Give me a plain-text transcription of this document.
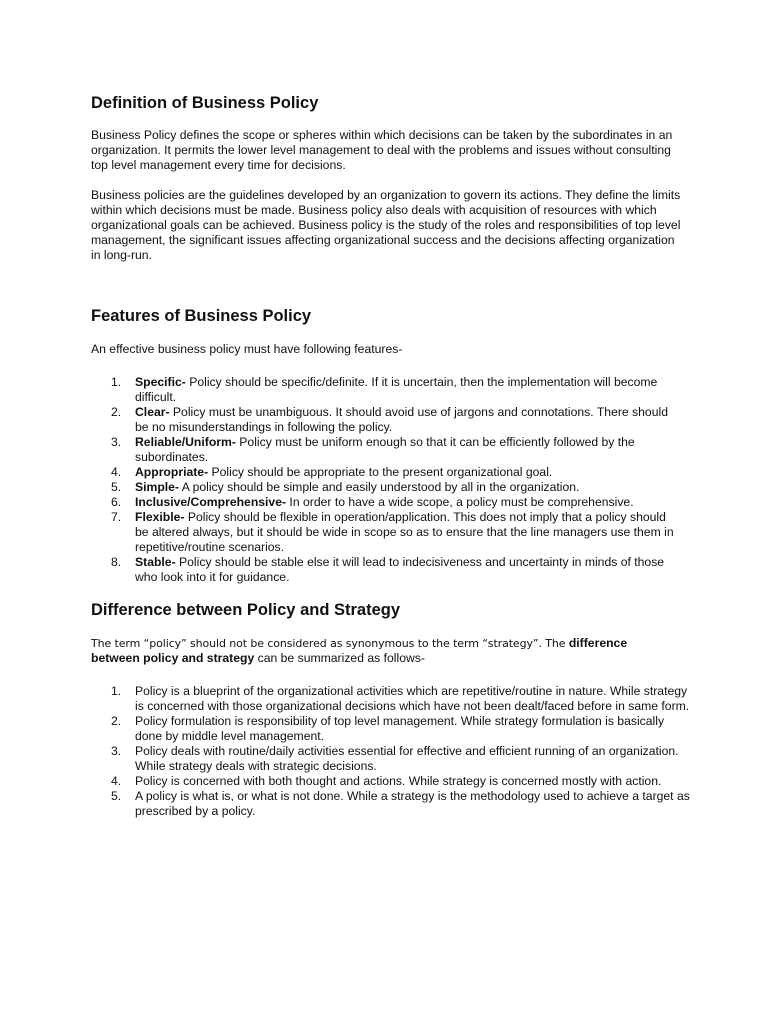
Definition of Business Policy

Business Policy defines the scope or spheres within which decisions can be taken by the subordinates in an organization. It permits the lower level management to deal with the problems and issues without consulting top level management every time for decisions.

Business policies are the guidelines developed by an organization to govern its actions. They define the limits within which decisions must be made. Business policy also deals with acquisition of resources with which organizational goals can be achieved. Business policy is the study of the roles and responsibilities of top level management, the significant issues affecting organizational success and the decisions affecting organization in long-run.

Features of Business Policy

An effective business policy must have following features-

1. Specific- Policy should be specific/definite. If it is uncertain, then the implementation will become difficult.
2. Clear- Policy must be unambiguous. It should avoid use of jargons and connotations. There should be no misunderstandings in following the policy.
3. Reliable/Uniform- Policy must be uniform enough so that it can be efficiently followed by the subordinates.
4. Appropriate- Policy should be appropriate to the present organizational goal.
5. Simple- A policy should be simple and easily understood by all in the organization.
6. Inclusive/Comprehensive- In order to have a wide scope, a policy must be comprehensive.
7. Flexible- Policy should be flexible in operation/application. This does not imply that a policy should be altered always, but it should be wide in scope so as to ensure that the line managers use them in repetitive/routine scenarios.
8. Stable- Policy should be stable else it will lead to indecisiveness and uncertainty in minds of those who look into it for guidance.
Difference between Policy and Strategy

The term “policy” should not be considered as synonymous to the term “strategy”. The difference between policy and strategy can be summarized as follows-

1. Policy is a blueprint of the organizational activities which are repetitive/routine in nature. While strategy is concerned with those organizational decisions which have not been dealt/faced before in same form.
2. Policy formulation is responsibility of top level management. While strategy formulation is basically done by middle level management.
3. Policy deals with routine/daily activities essential for effective and efficient running of an organization. While strategy deals with strategic decisions.
4. Policy is concerned with both thought and actions. While strategy is concerned mostly with action.
5. A policy is what is, or what is not done. While a strategy is the methodology used to achieve a target as prescribed by a policy.
